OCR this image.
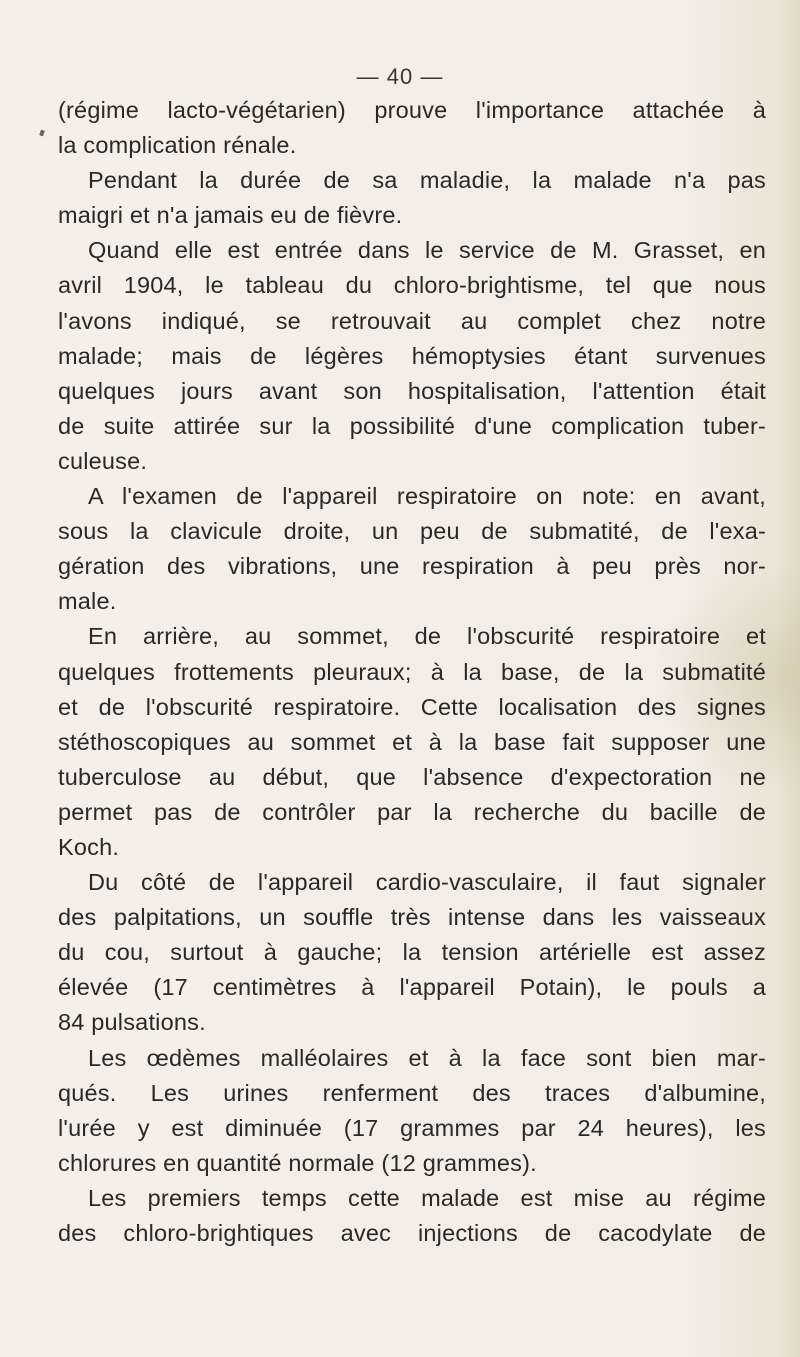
— 40 —
(régime lacto-végétarien) prouve l'importance attachée à
la complication rénale.
Pendant la durée de sa maladie, la malade n'a pas
maigri et n'a jamais eu de fièvre.
Quand elle est entrée dans le service de M. Grasset, en
avril 1904, le tableau du chloro-brightisme, tel que nous
l'avons indiqué, se retrouvait au complet chez notre
malade; mais de légères hémoptysies étant survenues
quelques jours avant son hospitalisation, l'attention était
de suite attirée sur la possibilité d'une complication tuber-
culeuse.
A l'examen de l'appareil respiratoire on note: en avant,
sous la clavicule droite, un peu de submatité, de l'exa-
gération des vibrations, une respiration à peu près nor-
male.
En arrière, au sommet, de l'obscurité respiratoire et
quelques frottements pleuraux; à la base, de la submatité
et de l'obscurité respiratoire. Cette localisation des signes
stéthoscopiques au sommet et à la base fait supposer une
tuberculose au début, que l'absence d'expectoration ne
permet pas de contrôler par la recherche du bacille de
Koch.
Du côté de l'appareil cardio-vasculaire, il faut signaler
des palpitations, un souffle très intense dans les vaisseaux
du cou, surtout à gauche; la tension artérielle est assez
élevée (17 centimètres à l'appareil Potain), le pouls a
84 pulsations.
Les œdèmes malléolaires et à la face sont bien mar-
qués. Les urines renferment des traces d'albumine,
l'urée y est diminuée (17 grammes par 24 heures), les
chlorures en quantité normale (12 grammes).
Les premiers temps cette malade est mise au régime
des chloro-brightiques avec injections de cacodylate de
